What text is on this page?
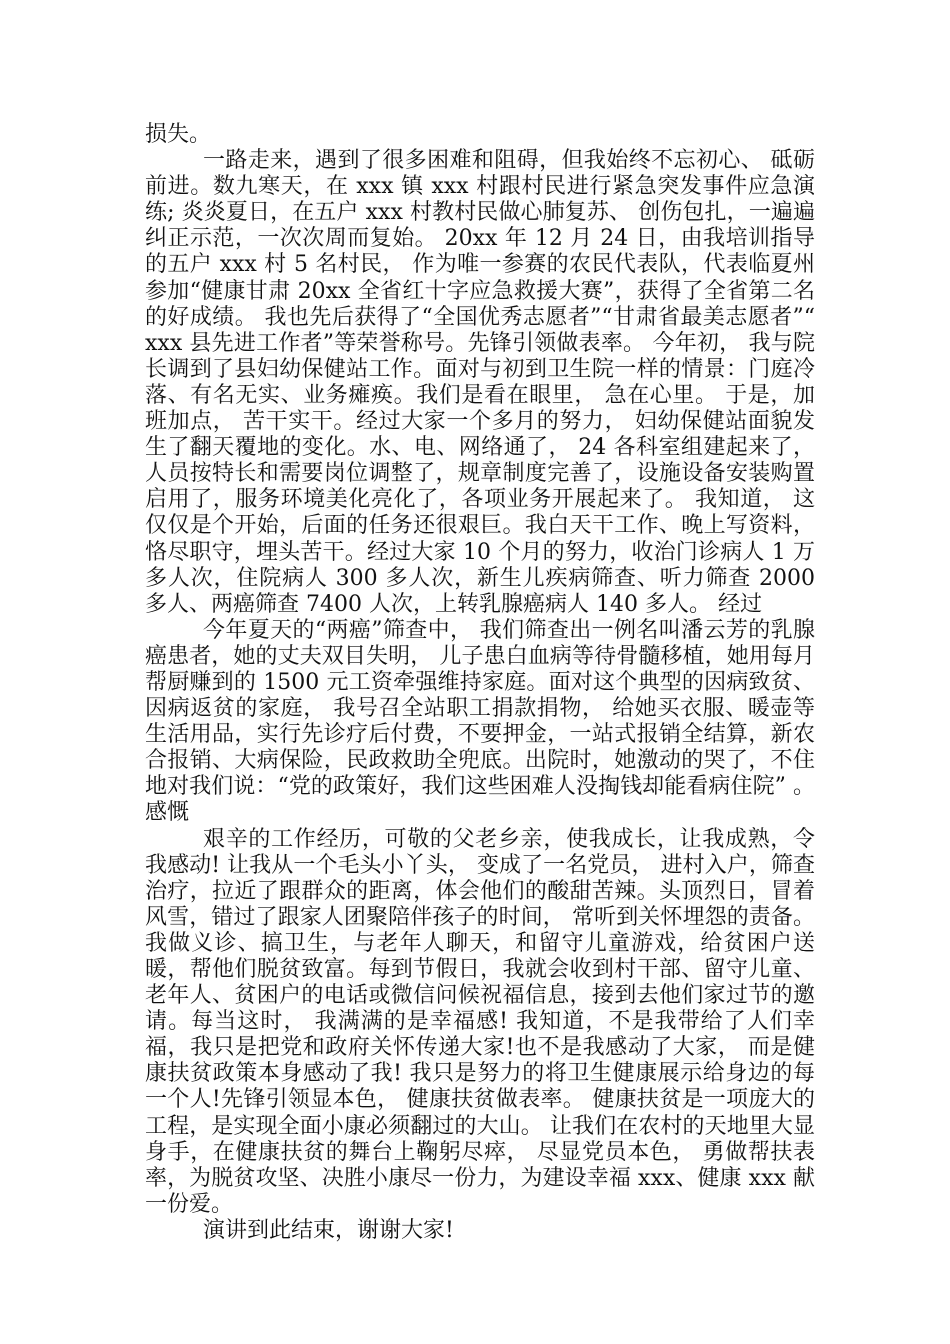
损失。

一路走来，遇到了很多困难和阻碍，但我始终不忘初心、 砥砺前进。数九寒天，在 xxx 镇 xxx 村跟村民进行紧急突发事件应急演练; 炎炎夏日，在五户 xxx 村教村民做心肺复苏、 创伤包扎，一遍遍纠正示范，一次次周而复始。 20xx 年 12 月 24 日，由我培训指导的五户 xxx 村 5 名村民， 作为唯一参赛的农民代表队，代表临夏州参加“健康甘肃 20xx 全省红十字应急救援大赛”，获得了全省第二名的好成绩。 我也先后获得了“全国优秀志愿者”“甘肃省最美志愿者”“ xxx 县先进工作者”等荣誉称号。先锋引领做表率。 今年初， 我与院长调到了县妇幼保健站工作。面对与初到卫生院一样的情景：门庭冷落、有名无实、业务瘫痪。我们是看在眼里， 急在心里。 于是，加班加点， 苦干实干。经过大家一个多月的努力， 妇幼保健站面貌发生了翻天覆地的变化。水、电、网络通了， 24 各科室组建起来了，人员按特长和需要岗位调整了，规章制度完善了，设施设备安装购置启用了，服务环境美化亮化了，各项业务开展起来了。 我知道， 这仅仅是个开始，后面的任务还很艰巨。我白天干工作、晚上写资料，恪尽职守，埋头苦干。经过大家 10 个月的努力，收治门诊病人 1 万多人次，住院病人 300 多人次，新生儿疾病筛查、听力筛查 2000 多人、两癌筛查 7400 人次，上转乳腺癌病人 140 多人。 经过

今年夏天的“两癌”筛查中， 我们筛查出一例名叫潘云芳的乳腺癌患者，她的丈夫双目失明， 儿子患白血病等待骨髓移植，她用每月帮厨赚到的 1500 元工资牵强维持家庭。面对这个典型的因病致贫、因病返贫的家庭， 我号召全站职工捐款捐物， 给她买衣服、暖壶等生活用品，实行先诊疗后付费，不要押金，一站式报销全结算，新农合报销、大病保险，民政救助全兜底。出院时，她激动的哭了，不住地对我们说：“党的政策好，我们这些困难人没掏钱却能看病住院” 。 感慨

艰辛的工作经历，可敬的父老乡亲，使我成长，让我成熟，令我感动! 让我从一个毛头小丫头， 变成了一名党员， 进村入户，筛查治疗，拉近了跟群众的距离，体会他们的酸甜苦辣。头顶烈日，冒着风雪，错过了跟家人团聚陪伴孩子的时间， 常听到关怀埋怨的责备。我做义诊、搞卫生，与老年人聊天，和留守儿童游戏，给贫困户送暖，帮他们脱贫致富。每到节假日，我就会收到村干部、留守儿童、 老年人、贫困户的电话或微信问候祝福信息，接到去他们家过节的邀请。每当这时， 我满满的是幸福感! 我知道，不是我带给了人们幸福，我只是把党和政府关怀传递大家!也不是我感动了大家， 而是健康扶贫政策本身感动了我! 我只是努力的将卫生健康展示给身边的每一个人!先锋引领显本色， 健康扶贫做表率。 健康扶贫是一项庞大的工程，是实现全面小康必须翻过的大山。 让我们在农村的天地里大显身手，在健康扶贫的舞台上鞠躬尽瘁， 尽显党员本色， 勇做帮扶表率，为脱贫攻坚、决胜小康尽一份力，为建设幸福 xxx、健康 xxx 献一份爱。

演讲到此结束，谢谢大家!
